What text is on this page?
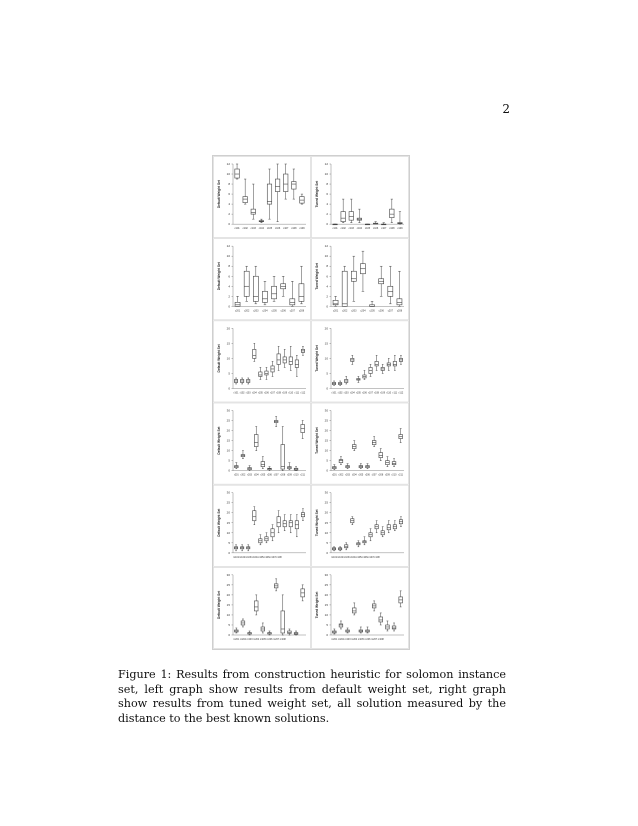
2
Default Weight Set
0
2
4
6
8
10
12
c101 c102 c103 c104 c105 c106 c107 c108 c109
Tuned Weight Set
0
2
4
6
8
10
12
c101 c102 c103 c104 c105 c106 c107 c108 c109
Default Weight Set
0
2
4
6
8
10
12
c201 c202 c203 c204 c205 c206 c207 c208
Tuned Weight Set
0
2
4
6
8
10
12
c201 c202 c203 c204 c205 c206 c207 c208
Default Weight Set
0
5
10
15
20
r101 r102 r103 r104 r105 r106 r107 r108 r109 r110 r111 r112
Tuned Weight Set
0
5
10
15
20
r101 r102 r103 r104 r105 r106 r107 r108 r109 r110 r111 r112
Default Weight Set
0
5
10
15
20
25
30
r201 r202 r203 r204 r205 r206 r207 r208 r209 r210 r211
Tuned Weight Set
0
5
10
15
20
25
30
r201 r202 r203 r204 r205 r206 r207 r208 r209 r210 r211
Default Weight Set
0
5
10
15
20
25
30
rc101 rc102 rc103 rc104 rc105 rc106 rc107 rc108
Tuned Weight Set
0
5
10
15
20
25
30
rc101 rc102 rc103 rc104 rc105 rc106 rc107 rc108
Default Weight Set
0
5
10
15
20
25
30
rc201 rc202 rc203 rc204 rc205 rc206 rc207 rc208
Tuned Weight Set
0
5
10
15
20
25
30
rc201 rc202 rc203 rc204 rc205 rc206 rc207 rc208

Figure 1: Results from construction heuristic for solomon instance set, left graph show results from default weight set, right graph show results from tuned weight set, all solution measured by the distance to the best known solutions.
